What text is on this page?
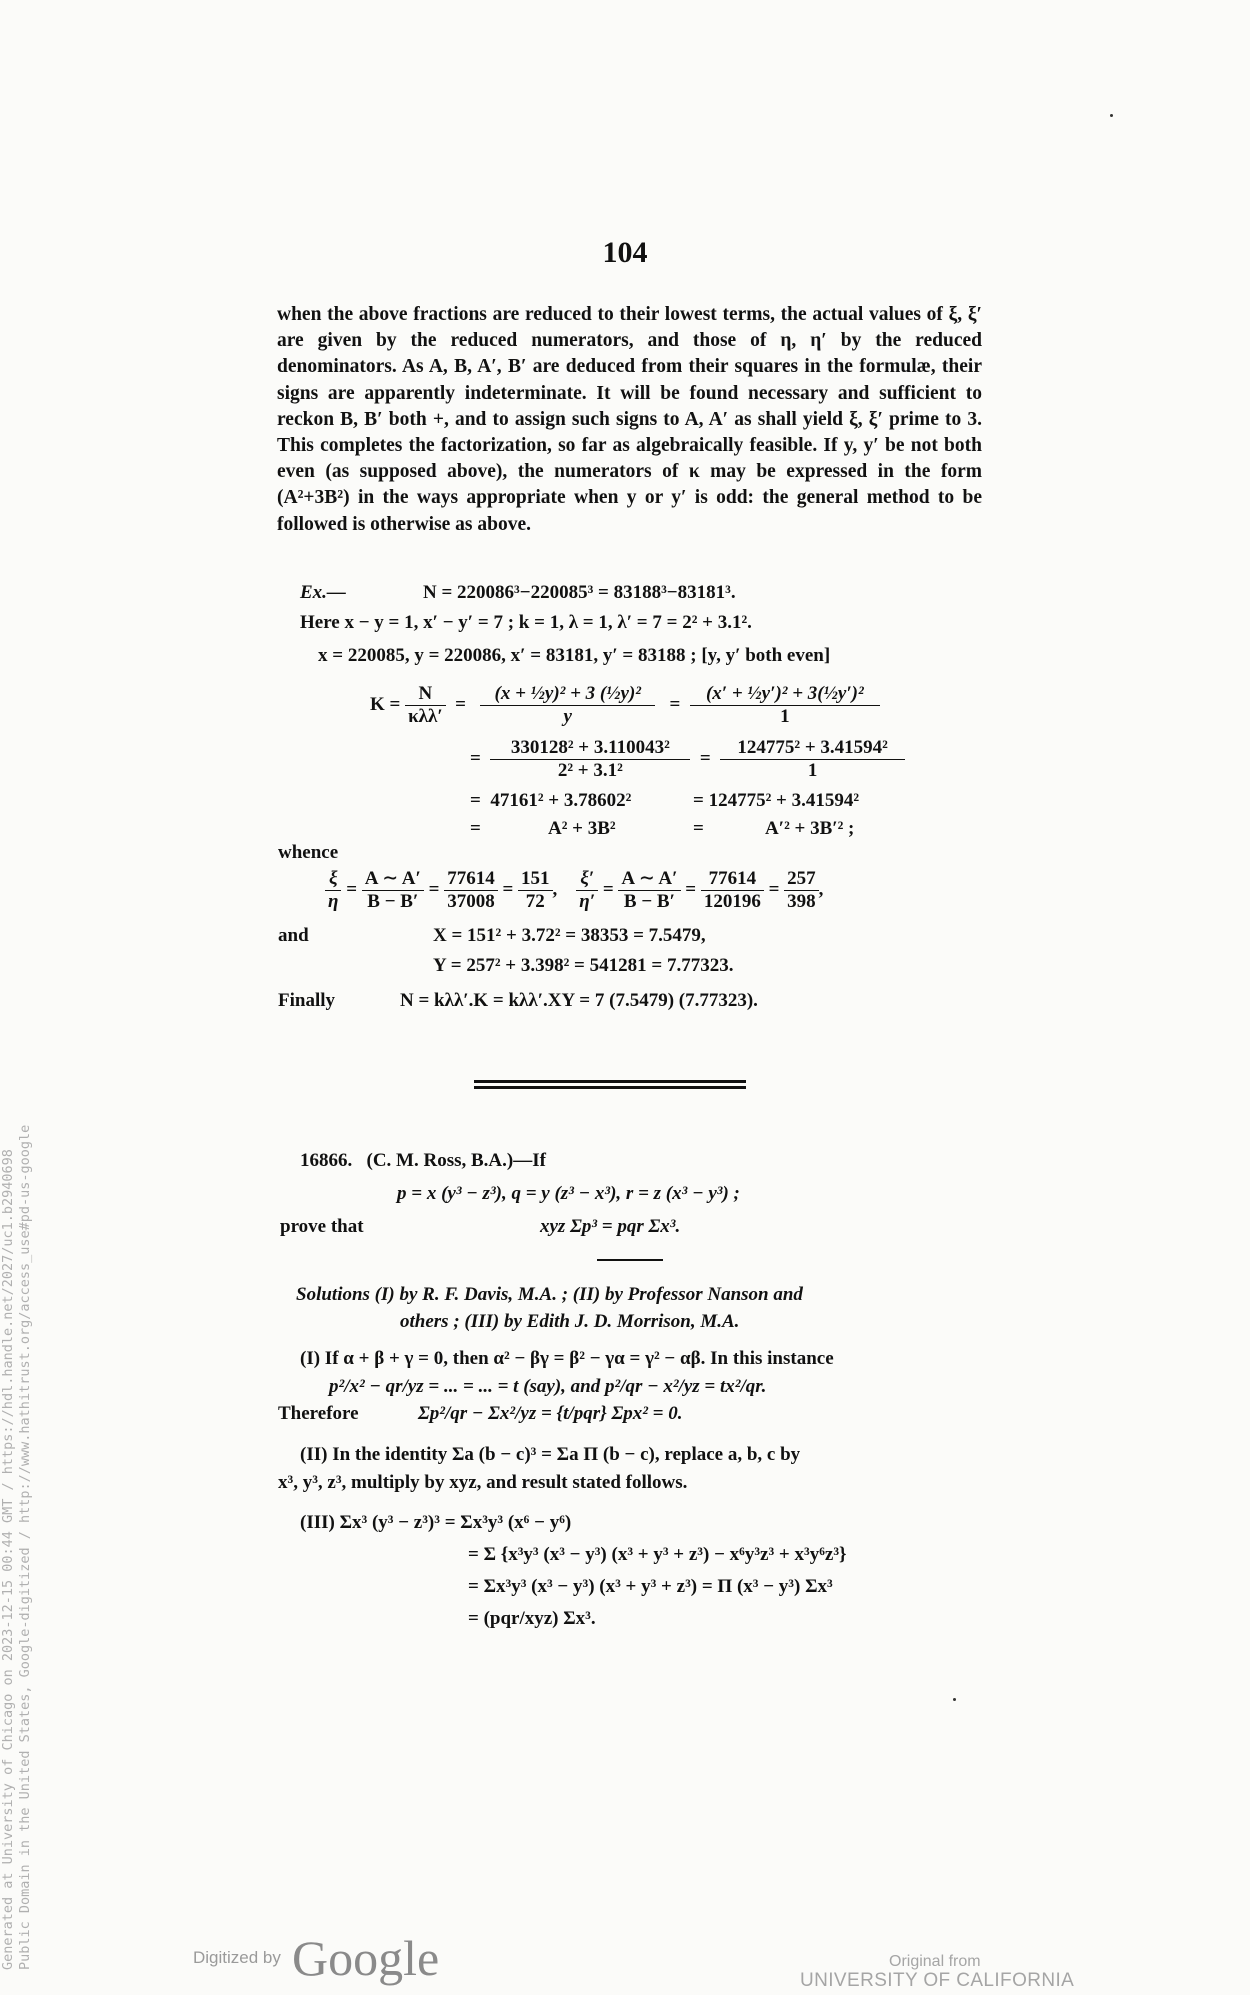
104
when the above fractions are reduced to their lowest terms, the actual values of ξ, ξ′ are given by the reduced numerators, and those of η, η′ by the reduced denominators. As A, B, A′, B′ are deduced from their squares in the formulæ, their signs are apparently indeterminate. It will be found necessary and sufficient to reckon B, B′ both +, and to assign such signs to A, A′ as shall yield ξ, ξ′ prime to 3. This completes the factorization, so far as algebraically feasible. If y, y′ be not both even (as supposed above), the numerators of κ may be expressed in the form (A²+3B²) in the ways appropriate when y or y′ is odd: the general method to be followed is otherwise as above.
Ex.—	N = 220086³−220085³ = 83188³−83181³.
Here x − y = 1, x′ − y′ = 7 ; k = 1, λ = 1, λ′ = 7 = 2² + 3.1².
x = 220085, y = 220086, x′ = 83181, y′ = 83188 ; [y, y′ both even]
$K = \frac{N}{\text{κλλ′}} = \frac{\text{(x + ½y)² + 3 (½y)²}}{y} = \frac{\text{(x′ + ½y′)² + 3(½y′)²}}{1}$
= $\frac{\text{330128² + 3.110043²}}{\text{2² + 3.1²}} = \frac{\text{124775² + 3.41594²}}{1}$
=  47161² + 3.78602²	= 124775² + 3.41594²
=	A² + 3B²	=	A′² + 3B′² ;
whence
$\frac{\xi}{\eta} = \frac{A \sim A'}{B - B'} = \frac{77614}{37008} = \frac{151}{72}$ , $\frac{\xi'}{\eta'} = \frac{A \sim A'}{B - B'} = \frac{77614}{120196} = \frac{257}{398}$ ,
and	X = 151² + 3.72² = 38353 = 7.5479,
Y = 257² + 3.398² = 541281 = 7.77323.
Finally	N = kλλ′.K = kλλ′.XY = 7 (7.5479) (7.77323).
16866. (C. M. Ross, B.A.)—If
p = x (y³ − z³), q = y (z³ − x³), r = z (x³ − y³) ;
prove that	xyz Σp³ = pqr Σx³.
Solutions (I) by R. F. Davis, M.A. ; (II) by Professor Nanson and
others ; (III) by Edith J. D. Morrison, M.A.
(I) If α + β + γ = 0, then α² − βγ = β² − γα = γ² − αβ. In this instance
p²/x² − qr/yz = ... = ... = t (say), and p²/qr − x²/yz = tx²/qr.
Therefore	Σp²/qr − Σx²/yz = {t/pqr} Σpx² = 0.
(II) In the identity Σa (b − c)³ = Σa Π (b − c), replace a, b, c by
x³, y³, z³, multiply by xyz, and result stated follows.
(III) Σx³ (y³ − z³)³ = Σx³y³ (x⁶ − y⁶)
= Σ {x³y³ (x³ − y³) (x³ + y³ + z³) − x⁶y³z³ + x³y⁶z³}
= Σx³y³ (x³ − y³) (x³ + y³ + z³) = Π (x³ − y³) Σx³
= (pqr/xyz) Σx³.
Generated at University of Chicago on 2023-12-15 00:44 GMT / https://hdl.handle.net/2027/uc1.b2940698 Public Domain in the United States, Google-digitized / http://www.hathitrust.org/access_use#pd-us-google	Digitized by Google	Original from
UNIVERSITY OF CALIFORNIA
